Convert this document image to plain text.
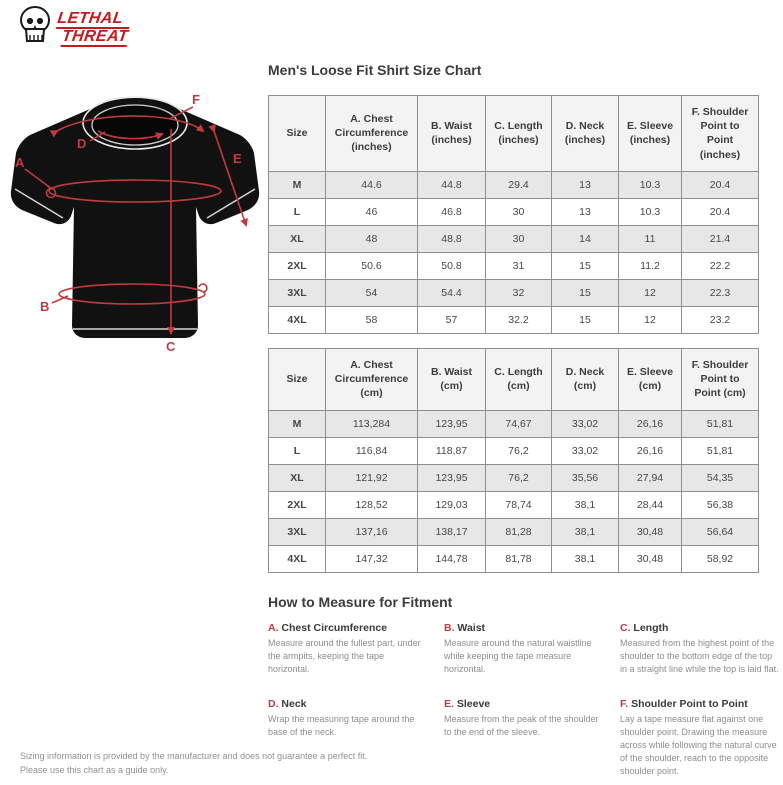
LETHAL
THREAT
F
D
E
A
B
C
Men's Loose Fit Shirt Size Chart
Size	A. Chest Circumference (inches)	B. Waist (inches)	C. Length (inches)	D. Neck (inches)	E. Sleeve (inches)	F. Shoulder Point to Point (inches)
M	44.6	44.8	29.4	13	10.3	20.4
L	46	46.8	30	13	10.3	20.4
XL	48	48.8	30	14	11	21.4
2XL	50.6	50.8	31	15	11.2	22.2
3XL	54	54.4	32	15	12	22.3
4XL	58	57	32.2	15	12	23.2
Size	A. Chest Circumference (cm)	B. Waist (cm)	C. Length (cm)	D. Neck (cm)	E. Sleeve (cm)	F. Shoulder Point to Point (cm)
M	113,284	123,95	74,67	33,02	26,16	51,81
L	116,84	118,87	76,2	33,02	26,16	51,81
XL	121,92	123,95	76,2	35,56	27,94	54,35
2XL	128,52	129,03	78,74	38,1	28,44	56,38
3XL	137,16	138,17	81,28	38,1	30,48	56,64
4XL	147,32	144,78	81,78	38,1	30,48	58,92
How to Measure for Fitment
A. Chest Circumference

Measure around the fullest part, under the armpits, keeping the tape horizontal.

B. Waist

Measure around the natural waistline while keeping the tape measure horizontal.

C. Length

Measured from the highest point of the shoulder to the bottom edge of the top in a straight line while the top is laid flat.

D. Neck

Wrap the measuring tape around the base of the neck.

E. Sleeve

Measure from the peak of the shoulder to the end of the sleeve.

F. Shoulder Point to Point

Lay a tape measure flat against one shoulder point. Drawing the measure across while following the natural curve of the shoulder, reach to the opposite shoulder point.

Sizing information is provided by the manufacturer and does not guarantee a perfect fit.
Please use this chart as a guide only.
